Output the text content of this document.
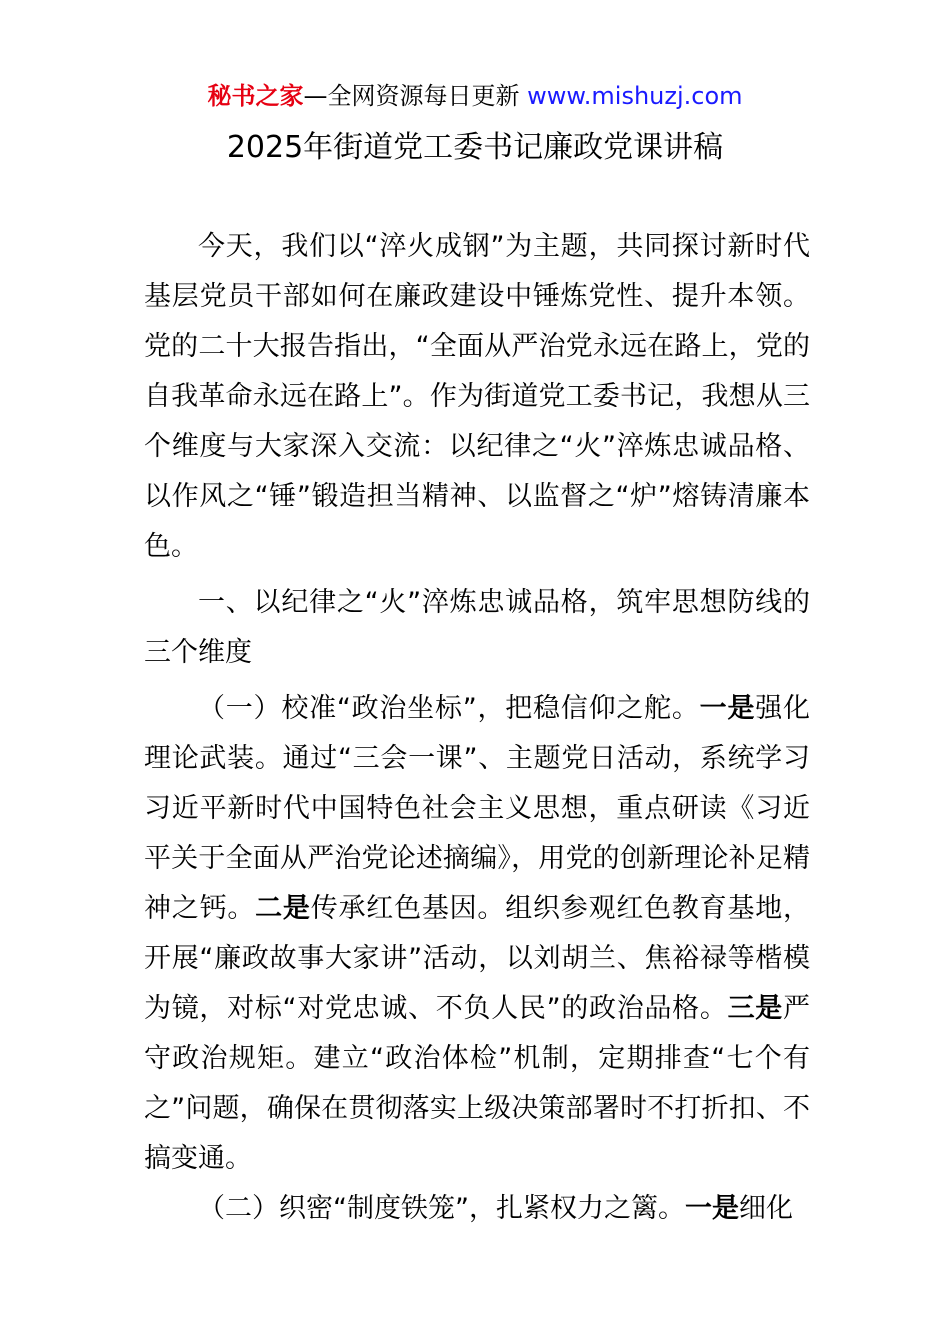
秘书之家—全网资源每日更新 www.mishuzj.com
2025年街道党工委书记廉政党课讲稿

今天，我们以“淬火成钢”为主题，共同探讨新时代基层党员干部如何在廉政建设中锤炼党性、提升本领。党的二十大报告指出，“全面从严治党永远在路上，党的自我革命永远在路上”。作为街道党工委书记，我想从三个维度与大家深入交流：以纪律之“火”淬炼忠诚品格、以作风之“锤”锻造担当精神、以监督之“炉”熔铸清廉本色。

一、以纪律之“火”淬炼忠诚品格，筑牢思想防线的三个维度

（一）校准“政治坐标”，把稳信仰之舵。一是强化理论武装。通过“三会一课”、主题党日活动，系统学习习近平新时代中国特色社会主义思想，重点研读《习近平关于全面从严治党论述摘编》，用党的创新理论补足精神之钙。二是传承红色基因。组织参观红色教育基地，开展“廉政故事大家讲”活动，以刘胡兰、焦裕禄等楷模为镜，对标“对党忠诚、不负人民”的政治品格。三是严守政治规矩。建立“政治体检”机制，定期排查“七个有之”问题，确保在贯彻落实上级决策部署时不打折扣、不搞变通。

（二）织密“制度铁笼”，扎紧权力之篱。一是细化
